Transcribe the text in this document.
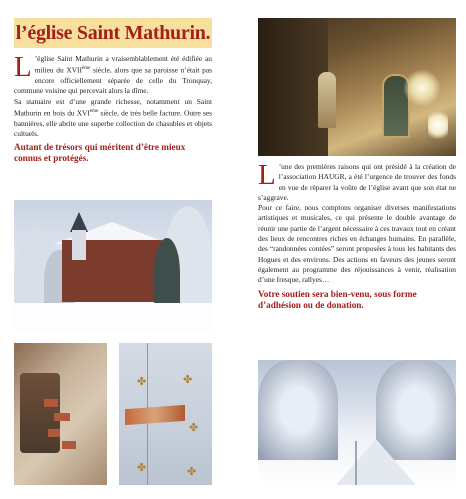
l’église Saint Mathurin.

L ’église Saint Mathurin a vraisemblablement été édifiée au milieu du XVIIème siècle, alors que sa paroisse n’était pas encore officiellement séparée de celle du Tronquay, commune voisine qui percevait alors la dîme.

Sa statuaire est d’une grande richesse, notamment un Saint Mathurin en bois du XVIème siècle, de très belle facture. Outre ses bannières, elle abrite une superbe collection de chasubles et objets cultuels.

Autant de trésors qui méritent d’être mieux connus et protégés.

✤	✤
✤
✤	✤

L ’une des premières raisons qui ont présidé à la création de l’association HAUGR, a été l’urgence de trouver des fonds en vue de réparer la voûte de l’église avant que son état ne s’aggrave.

Pour ce faire, nous comptons organiser diverses manifestations artistiques et musicales, ce qui présente le double avantage de réunir une partie de l’argent nécessaire à ces travaux tout en créant des lieux de rencontres riches en échanges humains. En parallèle, des “randonnées contées” seront proposées à tous les habitants des Hogues et des environs. Des actions en faveurs des jeunes seront également au programme des réjouissances à venir, réalisation d’une fresque, rallyes…

Votre soutien sera bien-venu, sous forme d’adhésion ou de donation.
